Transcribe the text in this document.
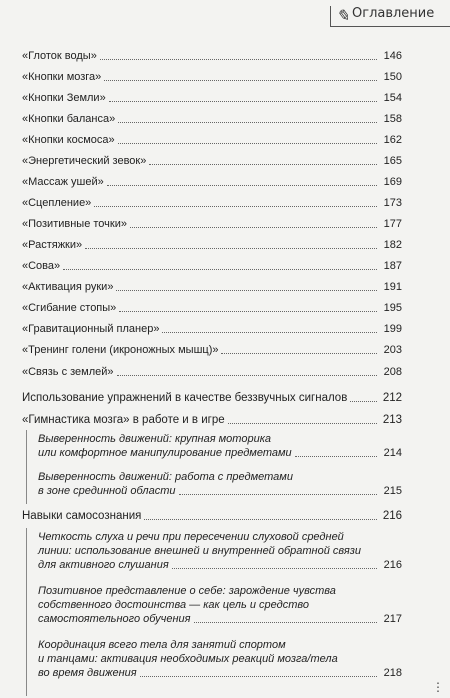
✎ Оглавление
«Глоток воды»	146
«Кнопки мозга»	150
«Кнопки Земли»	154
«Кнопки баланса»	158
«Кнопки космоса»	162
«Энергетический зевок»	165
«Массаж ушей»	169
«Сцепление»	173
«Позитивные точки»	177
«Растяжки»	182
«Сова»	187
«Активация руки»	191
«Сгибание стопы»	195
«Гравитационный планер»	199
«Тренинг голени (икроножных мышц)»	203
«Связь с землей»	208
Использование упражнений в качестве беззвучных сигналов	212
«Гимнастика мозга» в работе и в игре	213
Выверенность движений: крупная моторика
или комфортное манипулирование предметами	214
Выверенность движений: работа с предметами
в зоне срединной области	215
Навыки самосознания	216
Четкость слуха и речи при пересечении слуховой средней
линии: использование внешней и внутренней обратной связи
для активного слушания	216
Позитивное представление о себе: зарождение чувства
собственного достоинства — как цель и средство
самостоятельного обучения	217
Координация всего тела для занятий спортом
и танцами: активация необходимых реакций мозга/тела
во время движения	218
⋮
